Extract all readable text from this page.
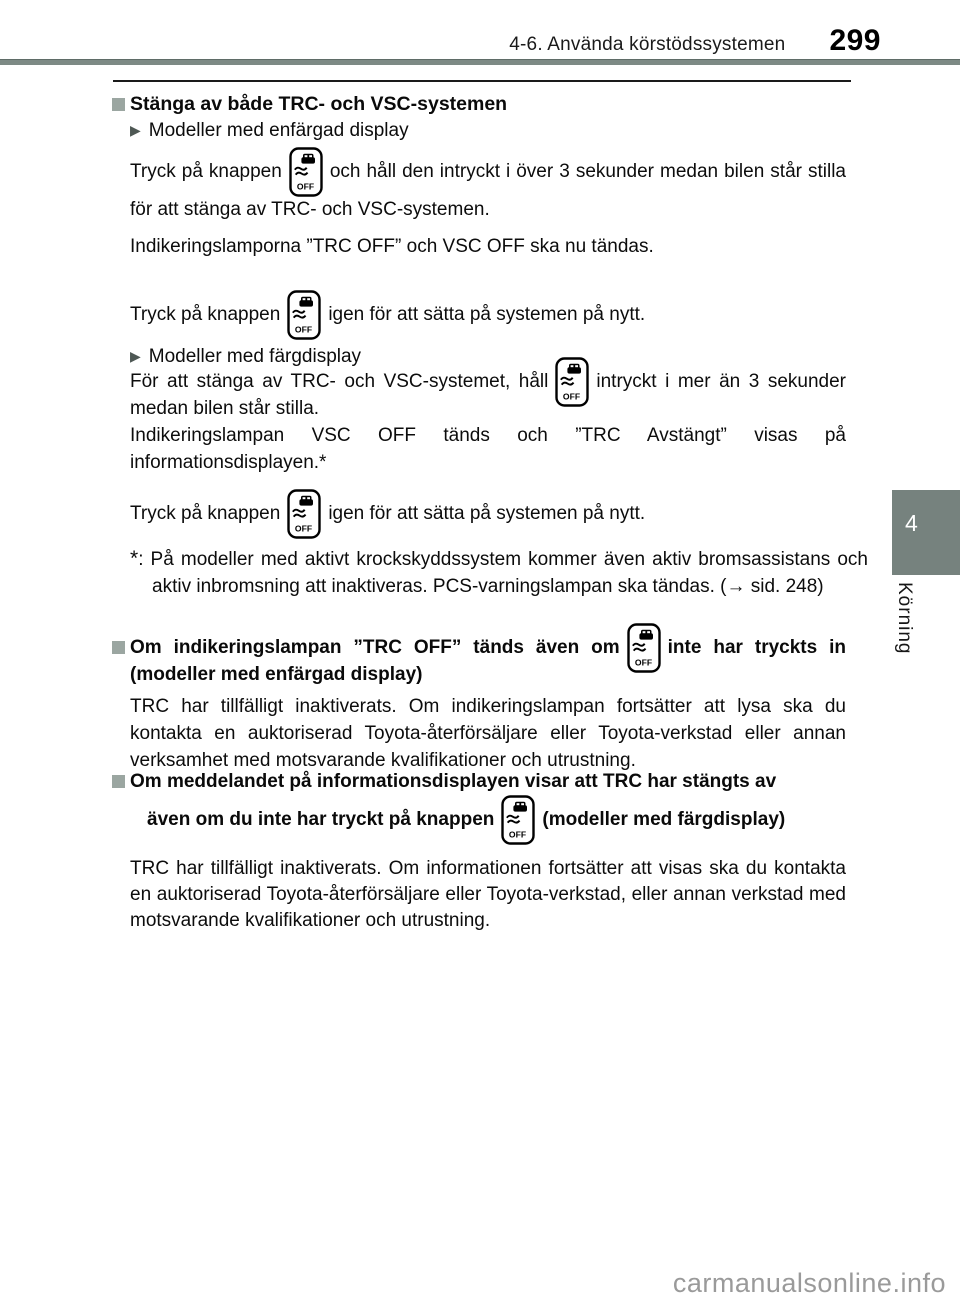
4-6. Använda körstödssystemen 299
Stänga av både TRC- och VSC-systemen
▶ Modeller med enfärgad display
Tryck på knappen
OFF
och håll den intryckt i över 3 sekunder medan bilen står stilla för att stänga av TRC- och VSC-systemen.
Indikeringslamporna ”TRC OFF” och VSC OFF ska nu tändas.
Tryck på knappen
OFF
igen för att sätta på systemen på nytt.
▶ Modeller med färgdisplay
För att stänga av TRC- och VSC-systemet, håll
OFF
intryckt i mer än 3 sekunder medan bilen står stilla.
Indikeringslampan VSC OFF tänds och ”TRC Avstängt” visas på informationsdisplayen.*
Tryck på knappen
OFF
igen för att sätta på systemen på nytt.
*: På modeller med aktivt krockskyddssystem kommer även aktiv bromsassistans och aktiv inbromsning att inaktiveras. PCS-varningslampan ska tändas. (→ sid. 248)
Om indikeringslampan ”TRC OFF” tänds även om
OFF
inte har tryckts in (modeller med enfärgad display)
TRC har tillfälligt inaktiverats. Om indikeringslampan fortsätter att lysa ska du kontakta en auktoriserad Toyota-återförsäljare eller Toyota-verkstad eller annan verksamhet med motsvarande kvalifikationer och utrustning.
Om meddelandet på informationsdisplayen visar att TRC har stängts av
även om du inte har tryckt på knappen
OFF
(modeller med färgdisplay)
TRC har tillfälligt inaktiverats. Om informationen fortsätter att visas ska du kontakta en auktoriserad Toyota-återförsäljare eller Toyota-verkstad, eller annan verkstad med motsvarande kvalifikationer och utrustning.
4
Körning
carmanualsonline.info
